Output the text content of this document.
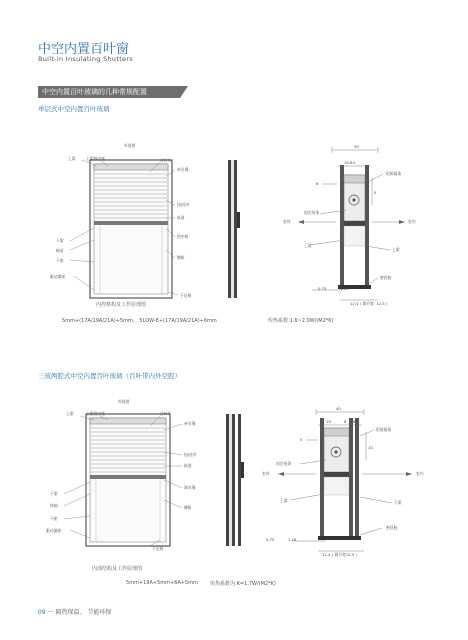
中空内置百叶窗
Built-in Insulating Shutters
中空内置百叶玻璃的几种常规配置
单层式中空内置百叶玻璃
外视图
上梁	上梁固定座	百叶片
牵引绳
钮/托叶
轨道
铝中框
侧框
下梁
轴承
下座
驱动器座
下边框
30
19.64
6
5
铝质隔条
固定贴条
室外	室内
上梁
上梁
密封胶
0.75	1.16
12.4 ( 调节宽: 12.5 )
内控格构及工作原理图
5mm+(17A/19A/21A)+5mm、 5LOW-E+(17A/19A/21A)+6mm	传热系数 1.6~2.0W/(M2*K)
三玻两腔式中空内置百叶玻璃（百叶带内外空腔）
外视图
上梁	上梁固定座	百叶片
牵引绳
钮/托叶
轨道
调节绳
侧框
下梁
转轴
下座
驱动器座
下边框
40
19	6 6
5
10
铝质隔条
固定贴条
室外	室内
上梁	下梁
密封胶
0.75	1.16
12.4 ( 调节宽12.5 )
内部结构及工作原理图
5mm+19A+5mm+6A+5mm 传热系数为 K=1.7W/(M2*K)
09 一 隔热保温、 节能环保
